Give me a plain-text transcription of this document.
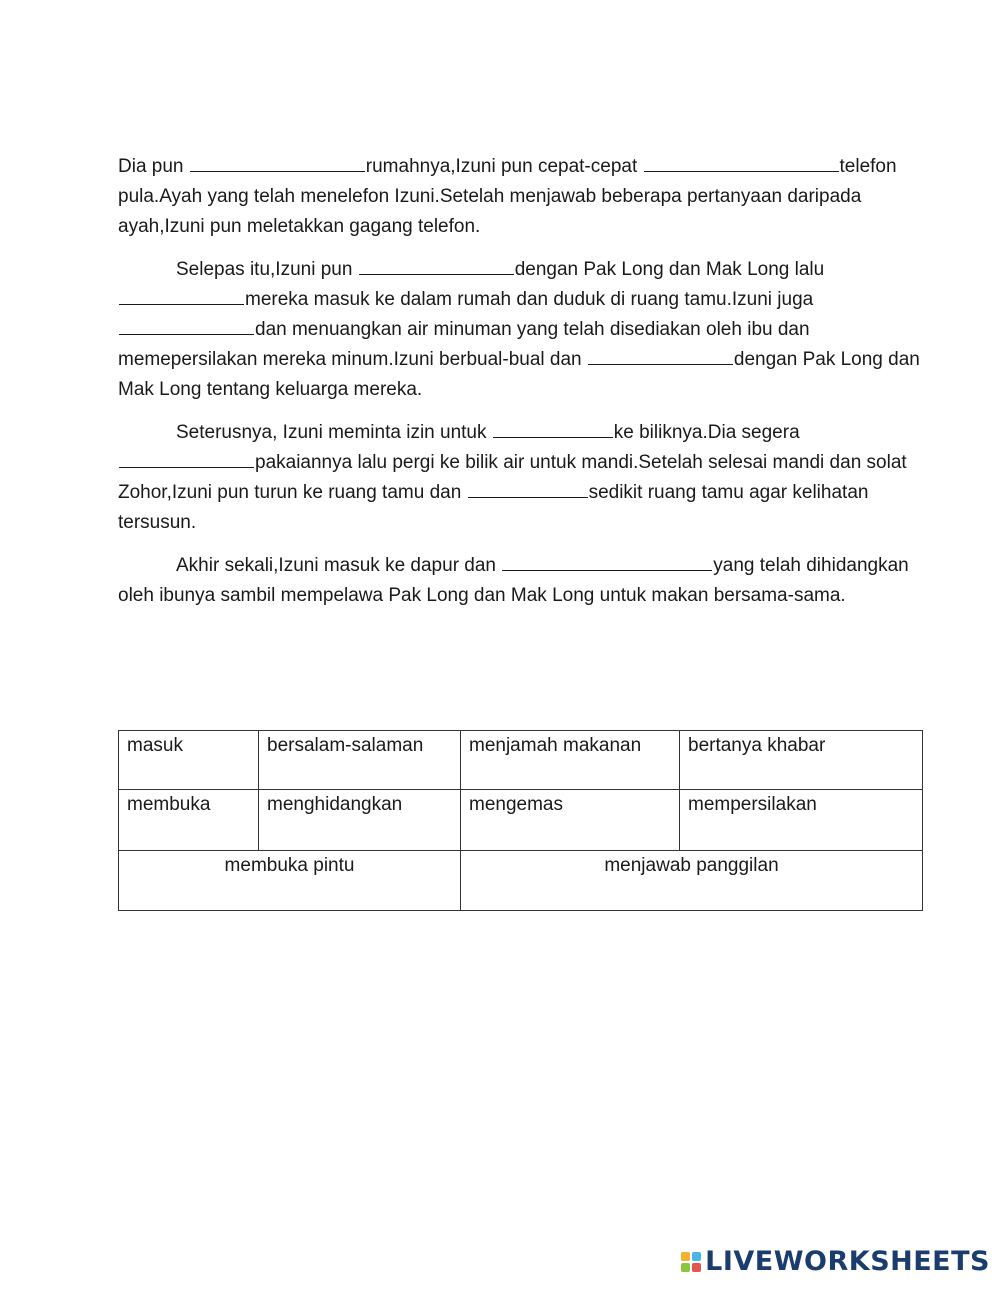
Dia pun	rumahnya,Izuni pun cepat-cepat	telefon pula.Ayah yang telah menelefon Izuni.Setelah menjawab beberapa pertanyaan daripada ayah,Izuni pun meletakkan gagang telefon.

Selepas itu,Izuni pun	dengan Pak Long dan Mak Long lalu mereka masuk ke dalam rumah dan duduk di ruang tamu.Izuni juga dan menuangkan air minuman yang telah disediakan oleh ibu dan memepersilakan mereka minum.Izuni berbual-bual dan	dengan Pak Long dan Mak Long tentang keluarga mereka.

Seterusnya, Izuni meminta izin untuk	ke biliknya.Dia segera pakaiannya lalu pergi ke bilik air untuk mandi.Setelah selesai mandi dan solat Zohor,Izuni pun turun ke ruang tamu dan	sedikit ruang tamu agar kelihatan tersusun.

Akhir sekali,Izuni masuk ke dapur dan	yang telah dihidangkan oleh ibunya sambil mempelawa Pak Long dan Mak Long untuk makan bersama-sama.

masuk	bersalam-salaman	menjamah makanan	bertanya khabar
membuka	menghidangkan	mengemas	mempersilakan
membuka pintu		menjawab panggilan	
LIVEWORKSHEETS
